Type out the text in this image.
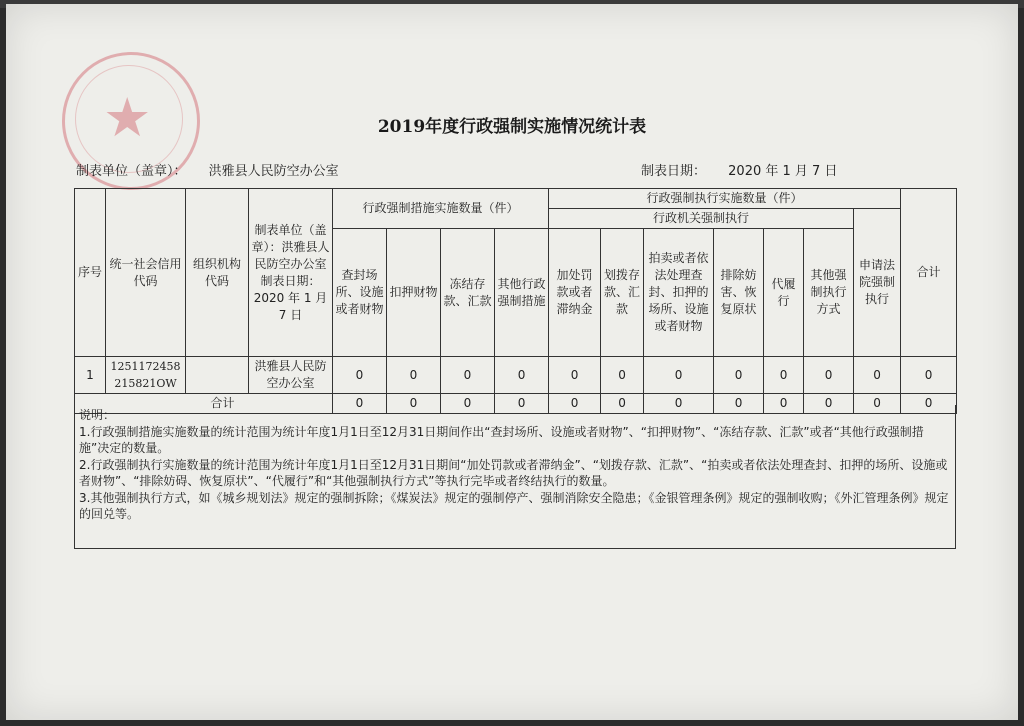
★	2019年度行政强制实施情况统计表
制表单位（盖章）： 洪雅县人民防空办公室	制表日期： 2020 年 1 月 7 日
序号	统一社会信用代码	组织机构代码	制表单位（盖章）：洪雅县人民防空办公室制表日期：2020 年 1 月 7 日	行政强制措施实施数量（件）				行政强制执行实施数量（件）							合计
								行政机关强制执行						申请法院强制执行	
				查封场所、设施或者财物	扣押财物	冻结存款、汇款	其他行政强制措施	加处罚款或者滞纳金	划拨存款、汇款	拍卖或者依法处理查封、扣押的场所、设施或者财物	排除妨害、恢复原状	代履行	其他强制执行方式		
1	1251172458 215821OW		洪雅县人民防空办公室	0	0	0	0	0	0	0	0	0	0	0	0
合计				0	0	0	0	0	0	0	0	0	0	0	0

说明：

1.行政强制措施实施数量的统计范围为统计年度1月1日至12月31日期间作出“查封场所、设施或者财物”、“扣押财物”、“冻结存款、汇款”或者“其他行政强制措施”决定的数量。

2.行政强制执行实施数量的统计范围为统计年度1月1日至12月31日期间“加处罚款或者滞纳金”、“划拨存款、汇款”、“拍卖或者依法处理查封、扣押的场所、设施或者财物”、“排除妨碍、恢复原状”、“代履行”和“其他强制执行方式”等执行完毕或者终结执行的数量。

3.其他强制执行方式，如《城乡规划法》规定的强制拆除；《煤炭法》规定的强制停产、强制消除安全隐患；《金银管理条例》规定的强制收购；《外汇管理条例》规定的回兑等。
